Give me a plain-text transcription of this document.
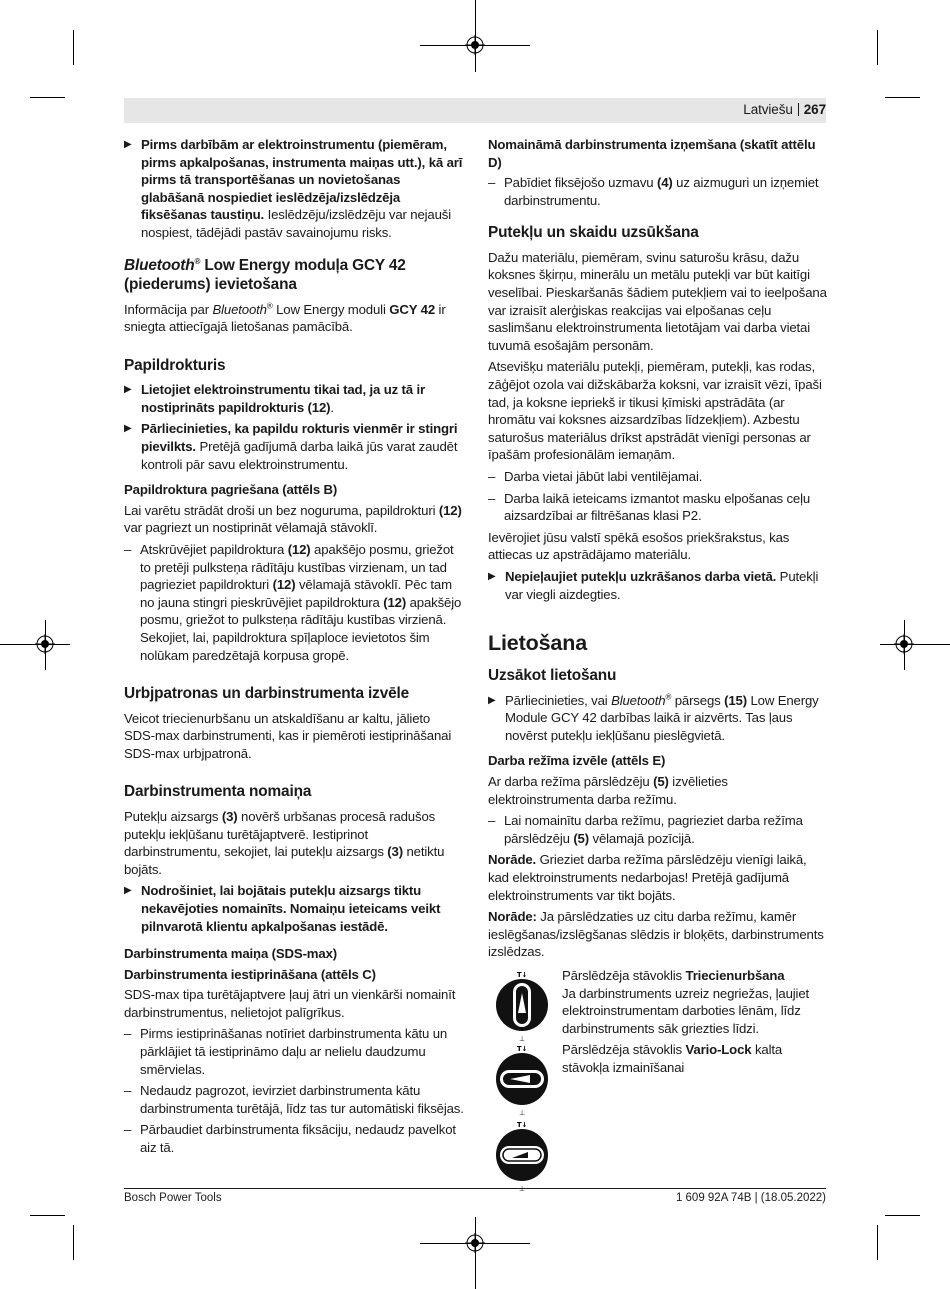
Latviešu 267
▶ Pirms darbībām ar elektroinstrumentu (piemēram, pirms apkalpošanas, instrumenta maiņas utt.), kā arī pirms tā transportēšanas un novietošanas glabāšanā nospiediet ieslēdzēja/izslēdzēja fiksēšanas taustiņu. Ieslēdzēju/izslēdzēju var nejauši nospiest, tādējādi pastāv savainojumu risks.
Bluetooth® Low Energy moduļa GCY 42 (piederums) ievietošana

Informācija par Bluetooth® Low Energy moduli GCY 42 ir sniegta attiecīgajā lietošanas pamācībā.

Papildrokturis
▶ Lietojiet elektroinstrumentu tikai tad, ja uz tā ir nostiprināts papildrokturis (12).
▶ Pārliecinieties, ka papildu rokturis vienmēr ir stingri pievilkts. Pretējā gadījumā darba laikā jūs varat zaudēt kontroli pār savu elektroinstrumentu.
Papildroktura pagriešana (attēls B)

Lai varētu strādāt droši un bez noguruma, papildrokturi (12) var pagriezt un nostiprināt vēlamajā stāvoklī.

– Atskrūvējiet papildroktura (12) apakšējo posmu, griežot to pretēji pulksteņa rādītāju kustības virzienam, un tad pagrieziet papildrokturi (12) vēlamajā stāvoklī. Pēc tam no jauna stingri pieskrūvējiet papildroktura (12) apakšējo posmu, griežot to pulksteņa rādītāju kustības virzienā. Sekojiet, lai, papildroktura spīļaploce ievietotos šim nolūkam paredzētajā korpusa gropē.
Urbjpatronas un darbinstrumenta izvēle

Veicot triecienurbšanu un atskaldīšanu ar kaltu, jālieto SDS-max darbinstrumenti, kas ir piemēroti iestiprināšanai SDS-max urbjpatronā.

Darbinstrumenta nomaiņa

Putekļu aizsargs (3) novērš urbšanas procesā radušos putekļu iekļūšanu turētājaptverē. Iestiprinot darbinstrumentu, sekojiet, lai putekļu aizsargs (3) netiktu bojāts.

▶ Nodrošiniet, lai bojātais putekļu aizsargs tiktu nekavējoties nomainīts. Nomaiņu ieteicams veikt pilnvarotā klientu apkalpošanas iestādē.
Darbinstrumenta maiņa (SDS-max)
Darbinstrumenta iestiprināšana (attēls C)

SDS-max tipa turētājaptvere ļauj ātri un vienkārši nomainīt darbinstrumentus, nelietojot palīgrīkus.

– Pirms iestiprināšanas notīriet darbinstrumenta kātu un pārklājiet tā iestiprināmo daļu ar nelielu daudzumu smērvielas.
– Nedaudz pagrozot, ievirziet darbinstrumenta kātu darbinstrumenta turētājā, līdz tas tur automātiski fiksējas.
– Pārbaudiet darbinstrumenta fiksāciju, nedaudz pavelkot aiz tā.
Nomaināmā darbinstrumenta izņemšana (skatīt attēlu D)
– Pabīdiet fiksējošo uzmavu (4) uz aizmuguri un izņemiet darbinstrumentu.
Putekļu un skaidu uzsūkšana

Dažu materiālu, piemēram, svinu saturošu krāsu, dažu koksnes šķirņu, minerālu un metālu putekļi var būt kaitīgi veselībai. Pieskaršanās šādiem putekļiem vai to ieelpošana var izraisīt alerģiskas reakcijas vai elpošanas ceļu saslimšanu elektroinstrumenta lietotājam vai darba vietai tuvumā esošajām personām.

Atsevišķu materiālu putekļi, piemēram, putekļi, kas rodas, zāģējot ozola vai dižskābarža koksni, var izraisīt vēzi, īpaši tad, ja koksne iepriekš ir tikusi ķīmiski apstrādāta (ar hromātu vai koksnes aizsardzības līdzekļiem). Azbestu saturošus materiālus drīkst apstrādāt vienīgi personas ar īpašām profesionālām iemaņām.

– Darba vietai jābūt labi ventilējamai.
– Darba laikā ieteicams izmantot masku elpošanas ceļu aizsardzībai ar filtrēšanas klasi P2.

Ievērojiet jūsu valstī spēkā esošos priekšrakstus, kas attiecas uz apstrādājamo materiālu.

▶ Nepieļaujiet putekļu uzkrāšanos darba vietā. Putekļi var viegli aizdegties.
Lietošana
Uzsākot lietošanu
▶ Pārliecinieties, vai Bluetooth® pārsegs (15) Low Energy Module GCY 42 darbības laikā ir aizvērts. Tas ļaus novērst putekļu iekļūšanu pieslēgvietā.
Darba režīma izvēle (attēls E)

Ar darba režīma pārslēdzēju (5) izvēlieties elektroinstrumenta darba režīmu.

– Lai nomainītu darba režīmu, pagrieziet darba režīma pārslēdzēju (5) vēlamajā pozīcijā.

Norāde. Grieziet darba režīma pārslēdzēju vienīgi laikā, kad elektroinstruments nedarbojas! Pretējā gadījumā elektroinstruments var tikt bojāts.

Norāde: Ja pārslēdzaties uz citu darba režīmu, kamēr ieslēgšanas/izslēgšanas slēdzis ir bloķēts, darbinstruments izslēdzas.

T↓
⊥
T↓
⊥
T↓

Pārslēdzēja stāvoklis Triecienurbšana
Ja darbinstruments uzreiz negriežas, ļaujiet elektroinstrumentam darboties lēnām, līdz darbinstruments sāk griezties līdzi.

Pārslēdzēja stāvoklis Vario-Lock kalta stāvokļa izmainīšanai

Bosch Power Tools	1 609 92A 74B | (18.05.2022)
